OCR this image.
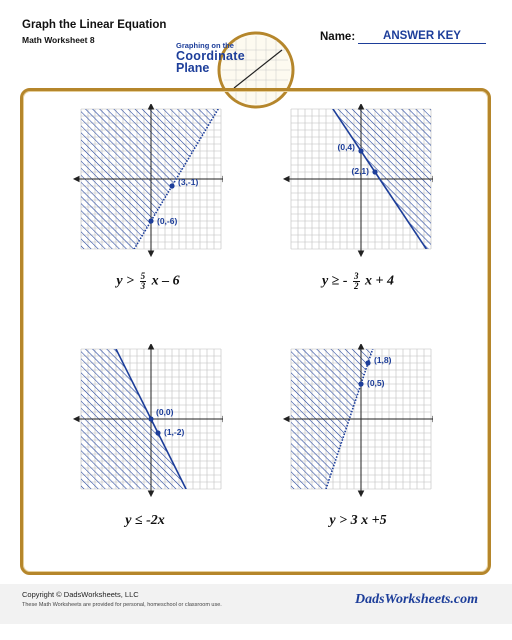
Graph the Linear Equation
Math Worksheet 8
Graphing on the
Coordinate
Plane
Name:	ANSWER KEY
(3,-1)
(0,-6)
$y > \frac{5}{3}$ x – 6
(0,4)
(2,1)
y ≥ - $\frac{3}{2}$ x + 4
(0,0)
(1,-2)
y ≤ -2x
(1,8)
(0,5)
y > 3 x +5
Copyright © DadsWorksheets, LLC
These Math Worksheets are provided for personal, homeschool or classroom use.	DadsWorksheets.com
